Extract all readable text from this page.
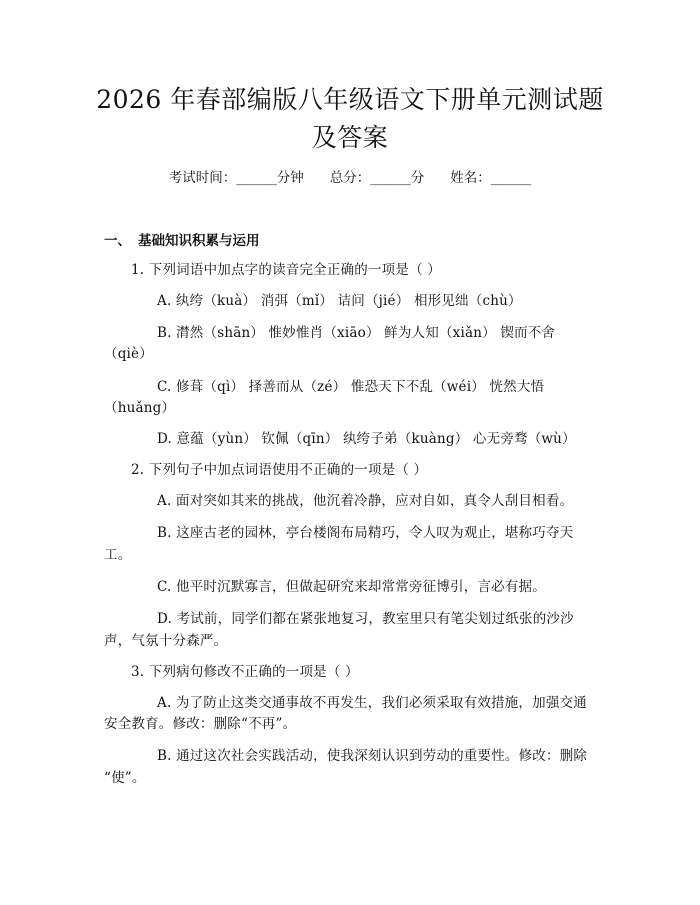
2026 年春部编版八年级语文下册单元测试题
及答案
考试时间：______分钟 总分：______分 姓名：______
一、 基础知识积累与运用
1. 下列词语中加点字的读音完全正确的一项是（ ）
A. 纨绔（kuà） 消弭（mǐ） 诘问（jié） 相形见绌（chù）
B. 潸然（shān） 惟妙惟肖（xiāo） 鲜为人知（xiǎn） 锲而不舍
（qiè）
C. 修葺（qì） 择善而从（zé） 惟恐天下不乱（wéi） 恍然大悟
（huǎng）
D. 意蕴（yùn） 钦佩（qīn） 纨绔子弟（kuàng） 心无旁骛（wù）
2. 下列句子中加点词语使用不正确的一项是（ ）
A. 面对突如其来的挑战，他沉着冷静，应对自如，真令人刮目相看。
B. 这座古老的园林，亭台楼阁布局精巧，令人叹为观止，堪称巧夺天
工。
C. 他平时沉默寡言，但做起研究来却常常旁征博引，言必有据。
D. 考试前，同学们都在紧张地复习，教室里只有笔尖划过纸张的沙沙
声，气氛十分森严。
3. 下列病句修改不正确的一项是（ ）
A. 为了防止这类交通事故不再发生，我们必须采取有效措施，加强交通
安全教育。修改：删除“不再”。
B. 通过这次社会实践活动，使我深刻认识到劳动的重要性。修改：删除
“使”。
